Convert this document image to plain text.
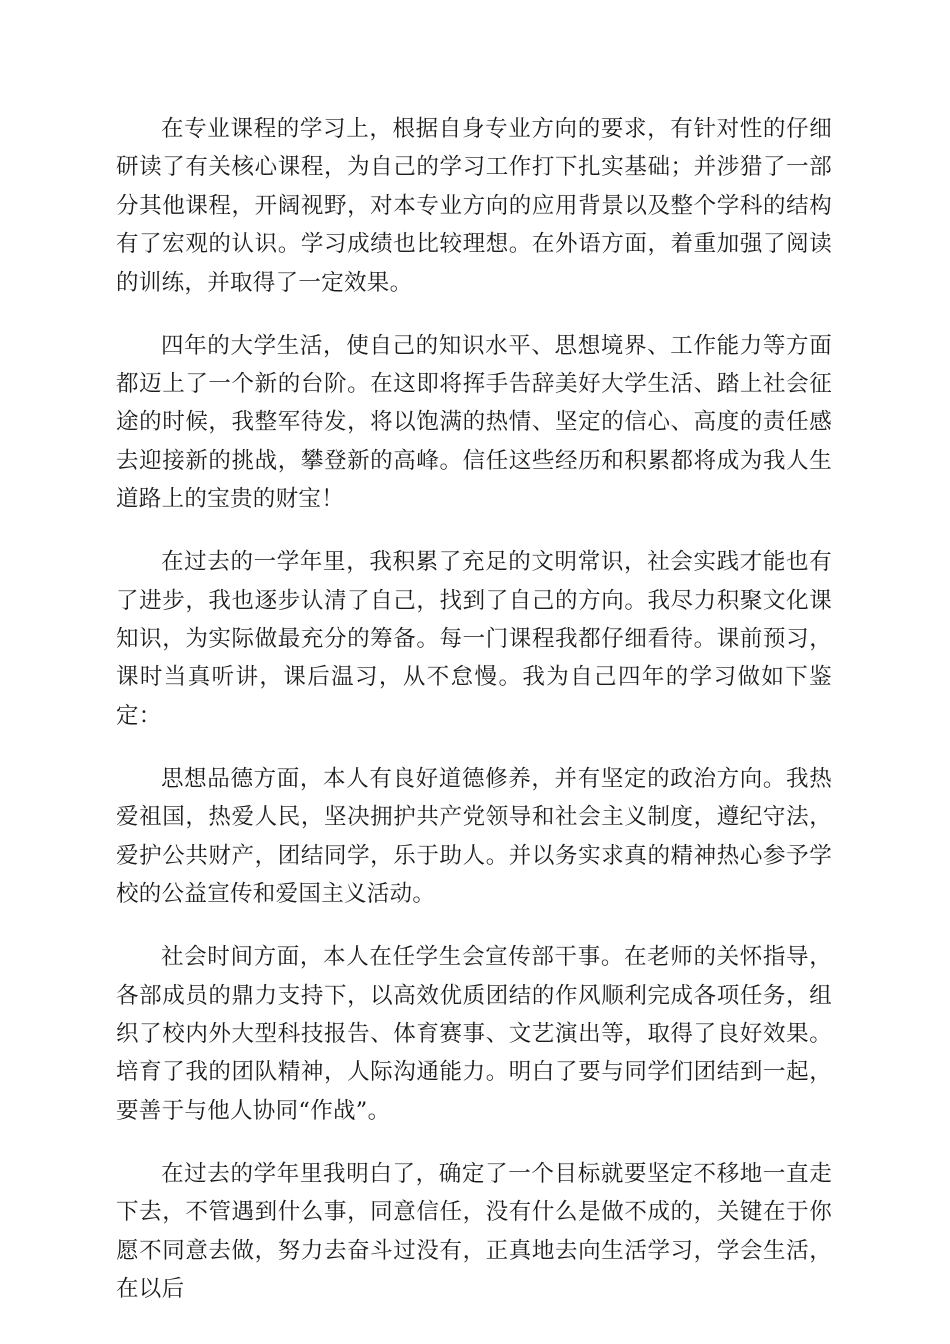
在专业课程的学习上，根据自身专业方向的要求，有针对性的仔细研读了有关核心课程，为自己的学习工作打下扎实基础；并涉猎了一部分其他课程，开阔视野，对本专业方向的应用背景以及整个学科的结构有了宏观的认识。学习成绩也比较理想。在外语方面，着重加强了阅读的训练，并取得了一定效果。

四年的大学生活，使自己的知识水平、思想境界、工作能力等方面都迈上了一个新的台阶。在这即将挥手告辞美好大学生活、踏上社会征途的时候，我整军待发，将以饱满的热情、坚定的信心、高度的责任感去迎接新的挑战，攀登新的高峰。信任这些经历和积累都将成为我人生道路上的宝贵的财宝！

在过去的一学年里，我积累了充足的文明常识，社会实践才能也有了进步，我也逐步认清了自己，找到了自己的方向。我尽力积聚文化课知识，为实际做最充分的筹备。每一门课程我都仔细看待。课前预习，课时当真听讲，课后温习，从不怠慢。我为自己四年的学习做如下鉴定：

思想品德方面，本人有良好道德修养，并有坚定的政治方向。我热爱祖国，热爱人民，坚决拥护共产党领导和社会主义制度，遵纪守法，爱护公共财产，团结同学，乐于助人。并以务实求真的精神热心参予学校的公益宣传和爱国主义活动。

社会时间方面，本人在任学生会宣传部干事。在老师的关怀指导，各部成员的鼎力支持下，以高效优质团结的作风顺利完成各项任务，组织了校内外大型科技报告、体育赛事、文艺演出等，取得了良好效果。培育了我的团队精神，人际沟通能力。明白了要与同学们团结到一起，要善于与他人协同“作战”。

在过去的学年里我明白了，确定了一个目标就要坚定不移地一直走下去，不管遇到什么事，同意信任，没有什么是做不成的，关键在于你愿不同意去做，努力去奋斗过没有，正真地去向生活学习，学会生活，在以后
